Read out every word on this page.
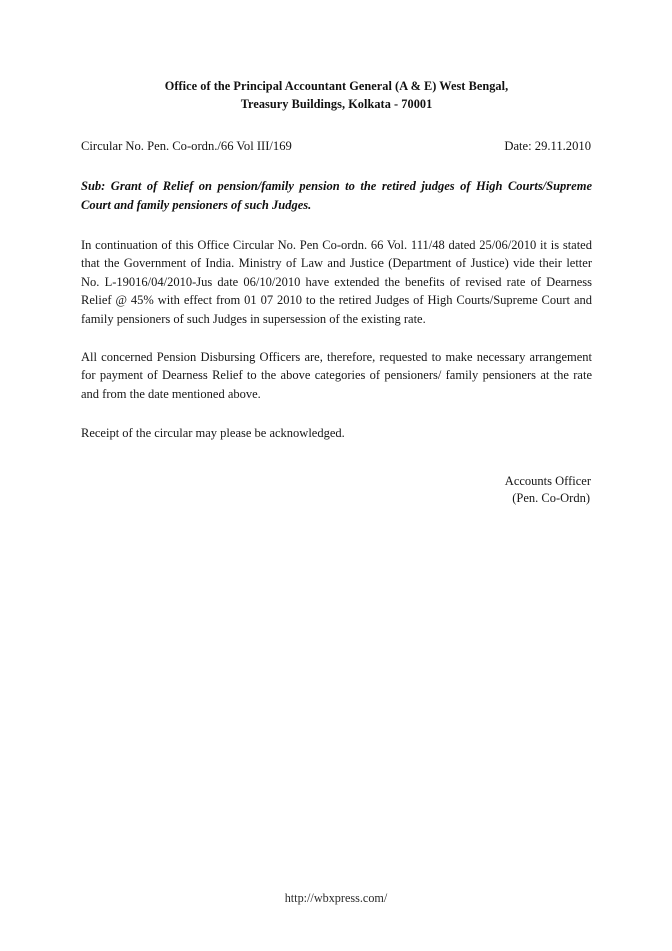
Office of the Principal Accountant General (A & E) West Bengal,
Treasury Buildings, Kolkata - 70001
Circular No. Pen. Co-ordn./66 Vol III/169	Date: 29.11.2010
Sub: Grant of Relief on pension/family pension to the retired judges of High Courts/Supreme Court and family pensioners of such Judges.

In continuation of this Office Circular No. Pen Co-ordn. 66 Vol. 111/48 dated 25/06/2010 it is stated that the Government of India. Ministry of Law and Justice (Department of Justice) vide their letter No. L-19016/04/2010-Jus date 06/10/2010 have extended the benefits of revised rate of Dearness Relief @ 45% with effect from 01 07 2010 to the retired Judges of High Courts/Supreme Court and family pensioners of such Judges in supersession of the existing rate.

All concerned Pension Disbursing Officers are, therefore, requested to make necessary arrangement for payment of Dearness Relief to the above categories of pensioners/ family pensioners at the rate and from the date mentioned above.

Receipt of the circular may please be acknowledged.

Accounts Officer
(Pen. Co-Ordn)
http://wbxpress.com/
